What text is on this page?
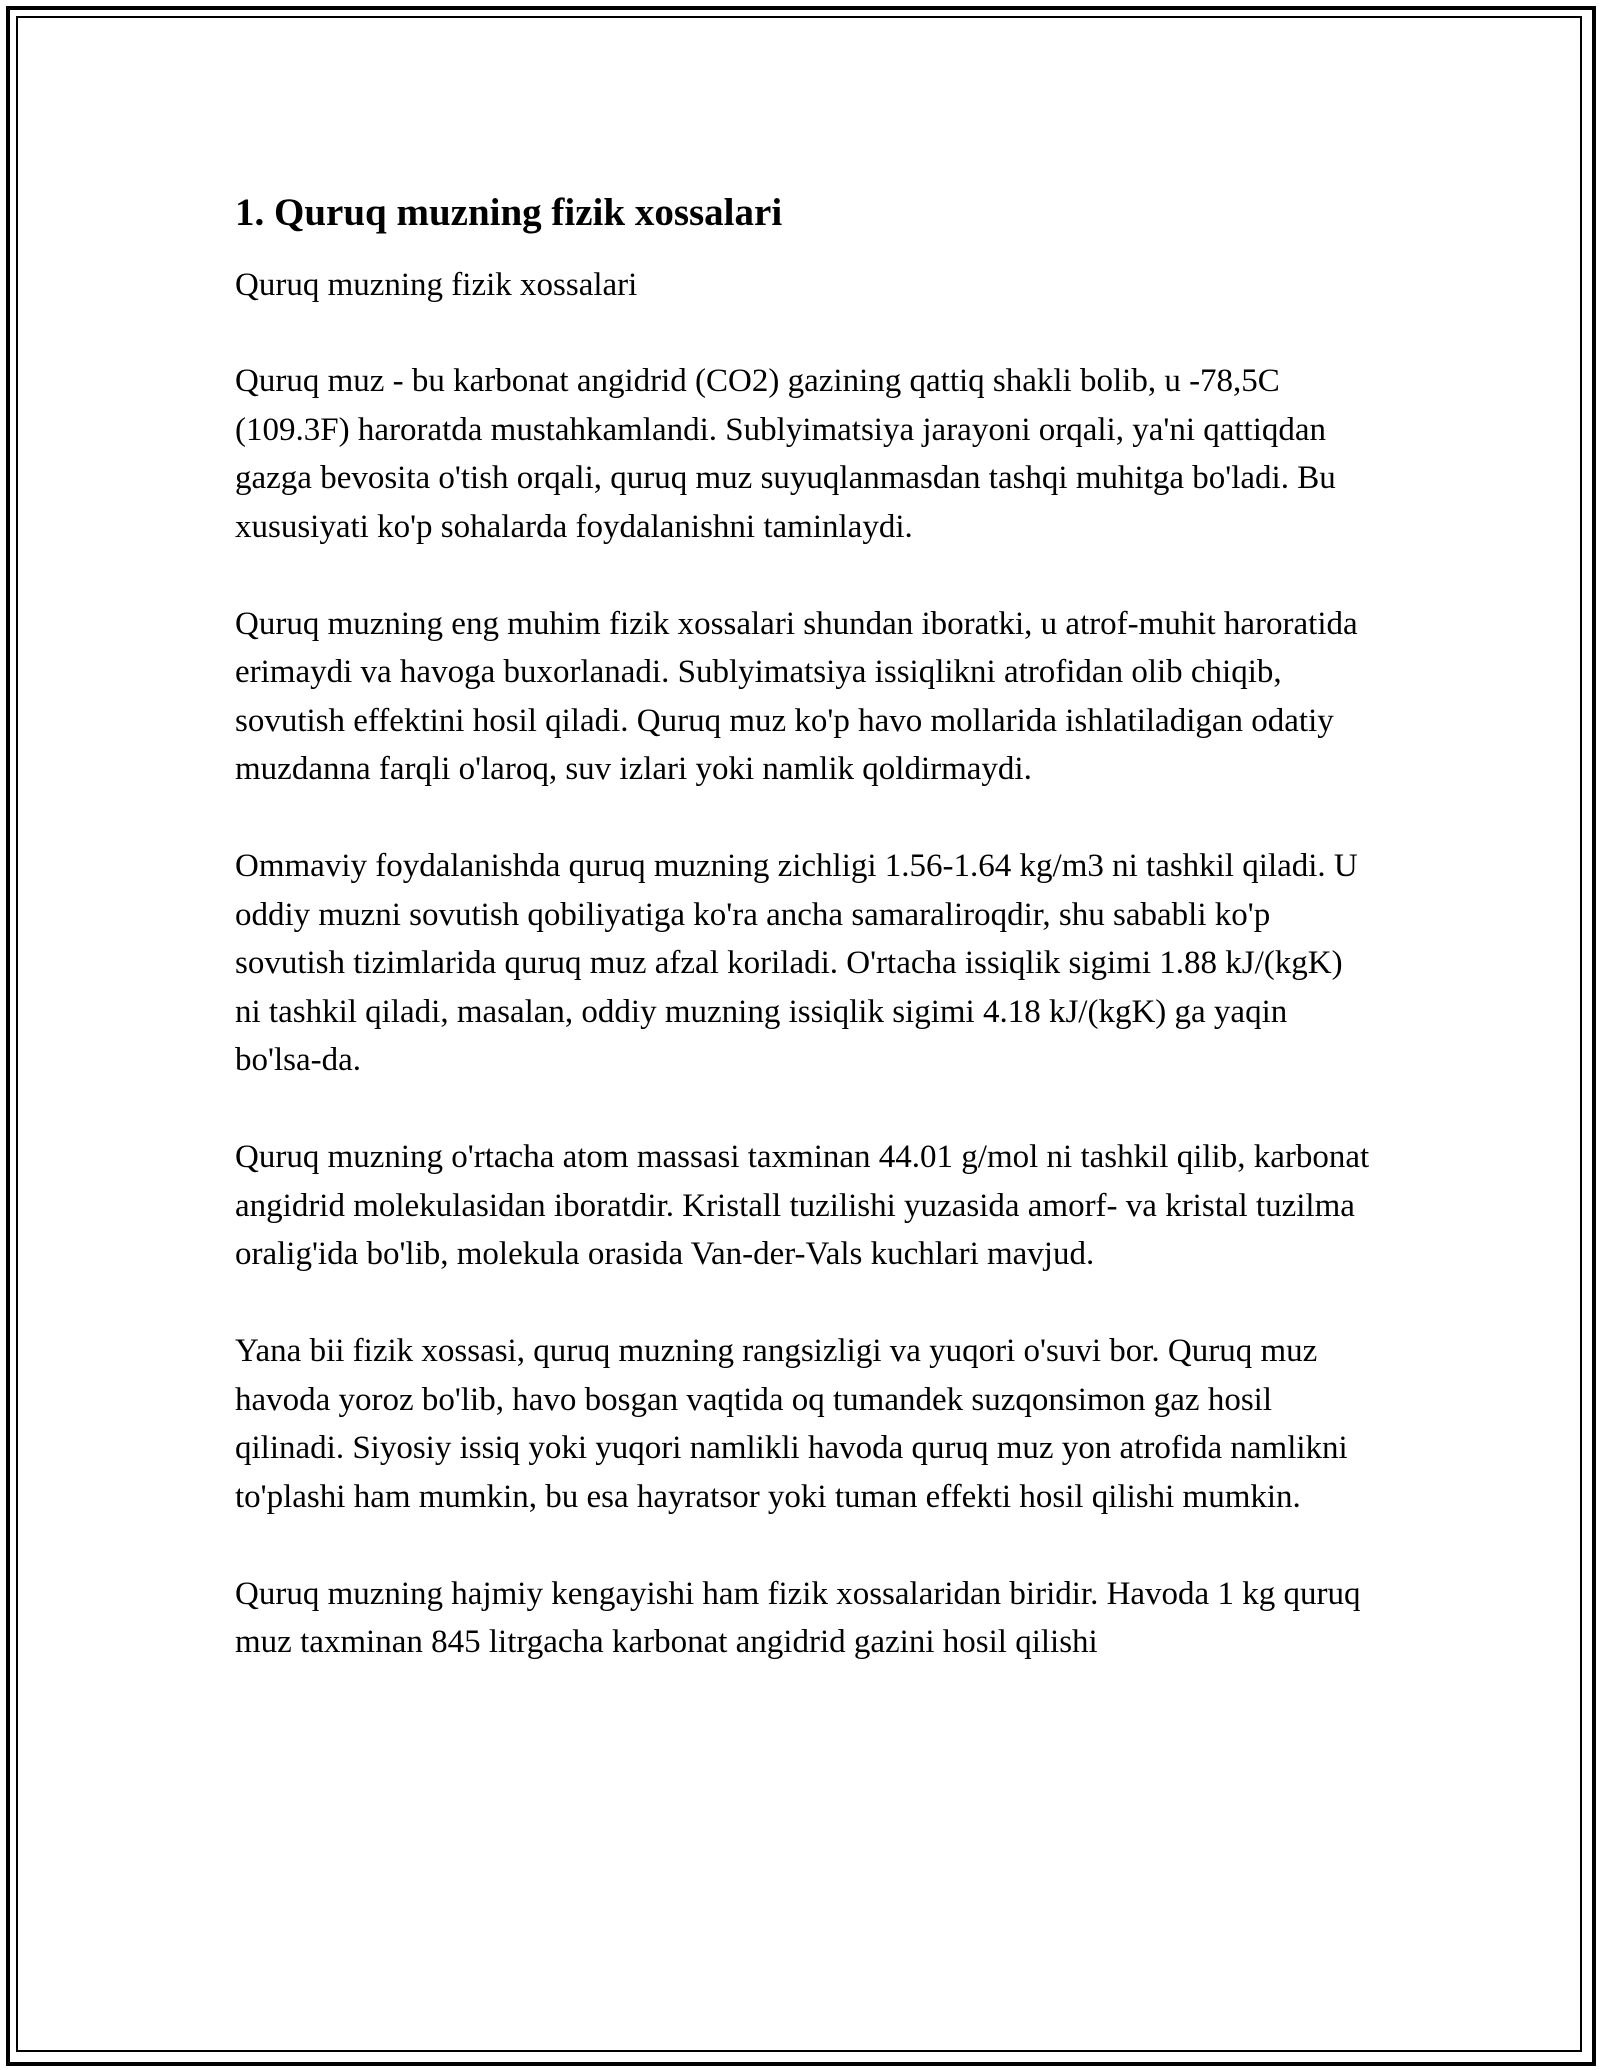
1. Quruq muzning fizik xossalari

Quruq muzning fizik xossalari

Quruq muz - bu karbonat angidrid (CO2) gazining qattiq shakli bolib, u -78,5C (109.3F) haroratda mustahkamlandi. Sublyimatsiya jarayoni orqali, ya'ni qattiqdan gazga bevosita o'tish orqali, quruq muz suyuqlanmasdan tashqi muhitga bo'ladi. Bu xususiyati ko'p sohalarda foydalanishni taminlaydi.

Quruq muzning eng muhim fizik xossalari shundan iboratki, u atrof-muhit haroratida erimaydi va havoga buxorlanadi. Sublyimatsiya issiqlikni atrofidan olib chiqib, sovutish effektini hosil qiladi. Quruq muz ko'p havo mollarida ishlatiladigan odatiy muzdanna farqli o'laroq, suv izlari yoki namlik qoldirmaydi.

Ommaviy foydalanishda quruq muzning zichligi 1.56-1.64 kg/m3 ni tashkil qiladi. U oddiy muzni sovutish qobiliyatiga ko'ra ancha samaraliroqdir, shu sababli ko'p sovutish tizimlarida quruq muz afzal koriladi. O'rtacha issiqlik sigimi 1.88 kJ/(kgK) ni tashkil qiladi, masalan, oddiy muzning issiqlik sigimi 4.18 kJ/(kgK) ga yaqin bo'lsa-da.

Quruq muzning o'rtacha atom massasi taxminan 44.01 g/mol ni tashkil qilib, karbonat angidrid molekulasidan iboratdir. Kristall tuzilishi yuzasida amorf- va kristal tuzilma oralig'ida bo'lib, molekula orasida Van-der-Vals kuchlari mavjud.

Yana bii fizik xossasi, quruq muzning rangsizligi va yuqori o'suvi bor. Quruq muz havoda yoroz bo'lib, havo bosgan vaqtida oq tumandek suzqonsimon gaz hosil qilinadi. Siyosiy issiq yoki yuqori namlikli havoda quruq muz yon atrofida namlikni to'plashi ham mumkin, bu esa hayratsor yoki tuman effekti hosil qilishi mumkin.

Quruq muzning hajmiy kengayishi ham fizik xossalaridan biridir. Havoda 1 kg quruq muz taxminan 845 litrgacha karbonat angidrid gazini hosil qilishi
